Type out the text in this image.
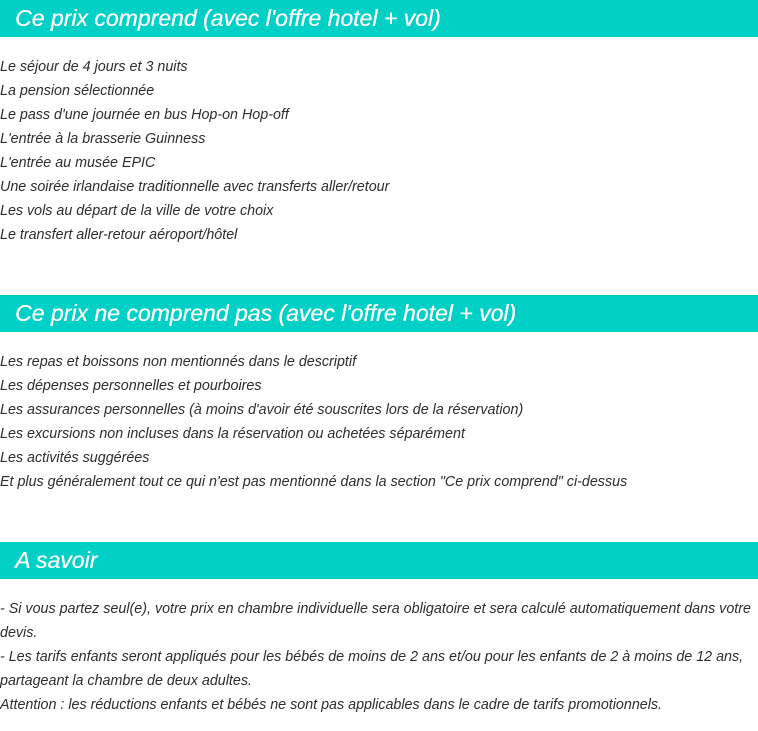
Ce prix comprend (avec l'offre hotel + vol)
Le séjour de 4 jours et 3 nuits
La pension sélectionnée
Le pass d'une journée en bus Hop-on Hop-off
L'entrée à la brasserie Guinness
L'entrée au musée EPIC
Une soirée irlandaise traditionnelle avec transferts aller/retour
Les vols au départ de la ville de votre choix
Le transfert aller-retour aéroport/hôtel
Ce prix ne comprend pas (avec l'offre hotel + vol)
Les repas et boissons non mentionnés dans le descriptif
Les dépenses personnelles et pourboires
Les assurances personnelles (à moins d'avoir été souscrites lors de la réservation)
Les excursions non incluses dans la réservation ou achetées séparément
Les activités suggérées
Et plus généralement tout ce qui n'est pas mentionné dans la section "Ce prix comprend" ci-dessus
A savoir

- Si vous partez seul(e), votre prix en chambre individuelle sera obligatoire et sera calculé automatiquement dans votre devis.

- Les tarifs enfants seront appliqués pour les bébés de moins de 2 ans et/ou pour les enfants de 2 à moins de 12 ans, partageant la chambre de deux adultes.

Attention : les réductions enfants et bébés ne sont pas applicables dans le cadre de tarifs promotionnels.
